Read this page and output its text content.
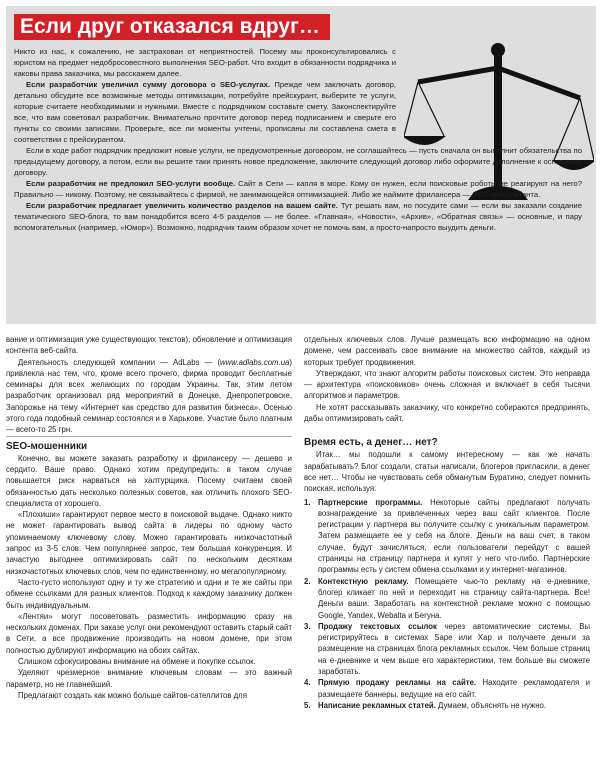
Если друг отказался вдруг…

Никто из нас, к сожалению, не застрахован от неприятностей. Посему мы проконсультировались с юристом на предмет недобросовестного выполнения SEO-работ. Что входит в обязанности подрядчика и каковы права заказчика, мы расскажем далее.

Если разработчик увеличил сумму договора о SEO-услугах. Прежде чем заключать договор, детально обсудите все возможные методы оптимизации, потребуйте прейскурант, выберите те услуги, которые считаете необходимыми и нужными. Вместе с подрядчиком составьте смету. Законспектируйте все, что вам советовал разработчик. Внимательно прочтите договор перед подписанием и сверьте его пункты со своими записями. Проверьте, все ли моменты учтены, прописаны ли составлена смета в соответствии с прейскурантом.

Если в ходе работ подрядчик предложит новые услуги, не предусмотренные договором, не соглашайтесь — пусть сначала он выполнит обязательства по предыдущему договору, а потом, если вы решите таки принять новое предложение, заключите следующий договор либо оформите дополнение к основному договору.

Если разработчик не предложил SEO-услуги вообще. Сайт в Сети — капля в море. Кому он нужен, если поисковые роботы не реагируют на него? Правильно — никому. Поэтому, не связывайтесь с фирмой, не занимающейся оптимизацией. Либо же наймите фрилансера — SEO-консультанта.

Если разработчик предлагает увеличить количество разделов на вашем сайте. Тут решать вам, но посудите сами — если вы заказали создание тематического SEO-блога, то вам понадобится всего 4-5 разделов — не более. «Главная», «Новости», «Архив», «Обратная связь» — основные, и пару вспомогательных (например, «Юмор»). Возможно, подрядчик таким образом хочет не помочь вам, а просто-напросто выудить деньги.

вание и оптимизация уже существующих текстов), обновление и оптимизация контента веб-сайта.

Деятельность следующей компании — AdLabs — (www.adlabs.com.ua) привлекла нас тем, что, кроме всего прочего, фирма проводит бесплатные семинары для всех желающих по городам Украины. Так, этим летом разработчик организовал ряд мероприятий в Донецке, Днепропетровске, Запорожье на тему «Интернет как средство для развития бизнеса». Осенью этого года подобный семинар состоялся и в Харькове. Участие было платным — всего-то 25 грн.

SEO-мошенники

Конечно, вы можете заказать разработку и фрилансеру — дешево и сердито. Ваше право. Однако хотим предупредить: в таком случае повышается риск нарваться на халтурщика. Посему считаем своей обязанностью дать несколько полезных советов, как отличить плохого SEO-специалиста от хорошего.

«Плохиши» гарантируют первое место в поисковой выдаче. Однако никто не может гарантировать вывод сайта в лидеры по одному часто упоминаемому ключевому слову. Можно гарантировать низкочастотный запрос из 3-5 слов. Чем популярнее запрос, тем большая конкуренция. И зачастую выгоднее оптимизировать сайт по нескольким десяткам низкочастотных ключевых слов, чем по единственному, но мегапопулярному.

Часто-густо используют одну и ту же стратегию и одни и те же сайты при обмене ссылками для разных клиентов. Подход к каждому заказчику должен быть индивидуальным.

«Лентяи» могут посоветовать разместить информацию сразу на нескольких доменах. При заказе услуг они рекомендуют оставить старый сайт в Сети, а все продвижение производить на новом домене, при этом полностью дублируют информацию на обоих сайтах.

Слишком сфокусированы внимание на обмене и покупке ссылок.

Уделяют чрезмерное внимание ключевым словам — это важный параметр, но не главнейший.

Предлагают создать как можно больше сайтов-сателлитов для

отдельных ключевых слов. Лучше размещать всю информацию на одном домене, чем рассеивать свое внимание на множество сайтов, каждый из которых требует продвижения.

Утверждают, что знают алгоритм работы поисковых систем. Это неправда — архитектура «поисковиков» очень сложная и включает в себя тысячи алгоритмов и параметров.

Не хотят рассказывать заказчику, что конкретно собираются предпринять, дабы оптимизировать сайт.

Время есть, а денег… нет?

Итак… мы подошли к самому интересному — как же начать зарабатывать? Блог создали, статьи написали, блогеров пригласили, а денег все нет… Чтобы не чувствовать себя обманутым Буратино, следует помнить поиская, используя:

1. Партнерские программы. Некоторые сайты предлагают получать вознаграждение за привлеченных через ваш сайт клиентов. После регистрации у партнера вы получите ссылку с уникальным параметром. Затем размещаете ее у себя на блоге. Деньги на ваш счет, в таком случае, будут зачисляться, если пользователи перейдут с вашей страницы на страницу партнера и купят у него что-либо. Партнерские программы есть у систем обмена ссылками и у интернет-магазинов.
2. Контекстную рекламу. Помещаете чью-то рекламу на е-дневнике, блогер кликает по ней и переходит на страницу сайта-партнера. Все! Деньги ваши. Заработать на контекстной рекламе можно с помощью Google, Yandex, Webalta и Бегуна.
3. Продажу текстовых ссылок через автоматические системы. Вы регистрируйтесь в системах Sape или Xap и получаете деньги за размещение на страницах блога рекламных ссылок. Чем больше страниц на е-дневнике и чем выше его характеристики, тем больше вы сможете заработать.
4. Прямую продажу рекламы на сайте. Находите рекламодателя и размещаете баннеры, ведущие на его сайт.
5. Написание рекламных статей. Думаем, объяснять не нужно.
